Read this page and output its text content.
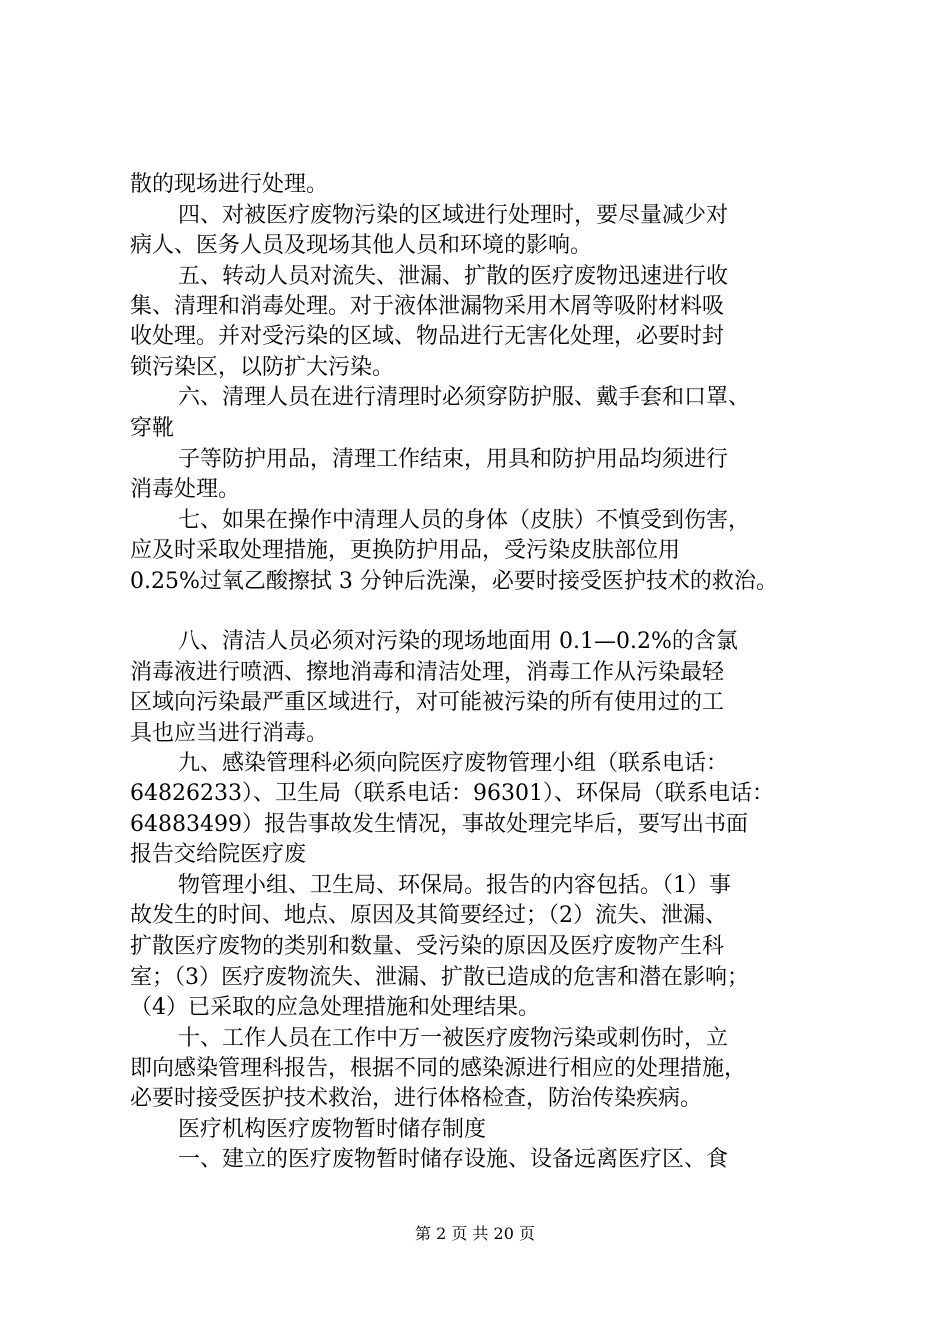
散的现场进行处理。
四、对被医疗废物污染的区域进行处理时，要尽量减少对
病人、医务人员及现场其他人员和环境的影响。
五、转动人员对流失、泄漏、扩散的医疗废物迅速进行收
集、清理和消毒处理。对于液体泄漏物采用木屑等吸附材料吸
收处理。并对受污染的区域、物品进行无害化处理，必要时封
锁污染区，以防扩大污染。
六、清理人员在进行清理时必须穿防护服、戴手套和口罩、
穿靴
子等防护用品，清理工作结束，用具和防护用品均须进行
消毒处理。
七、如果在操作中清理人员的身体（皮肤）不慎受到伤害，
应及时采取处理措施，更换防护用品，受污染皮肤部位用
0.25%过氧乙酸擦拭 3 分钟后洗澡，必要时接受医护技术的救治。
八、清洁人员必须对污染的现场地面用 0.1—0.2%的含氯
消毒液进行喷洒、擦地消毒和清洁处理，消毒工作从污染最轻
区域向污染最严重区域进行，对可能被污染的所有使用过的工
具也应当进行消毒。
九、感染管理科必须向院医疗废物管理小组（联系电话：
64826233）、卫生局（联系电话：96301）、环保局（联系电话：
64883499）报告事故发生情况，事故处理完毕后，要写出书面
报告交给院医疗废
物管理小组、卫生局、环保局。报告的内容包括。（1）事
故发生的时间、地点、原因及其简要经过；（2）流失、泄漏、
扩散医疗废物的类别和数量、受污染的原因及医疗废物产生科
室；（3）医疗废物流失、泄漏、扩散已造成的危害和潜在影响；
（4）已采取的应急处理措施和处理结果。
十、工作人员在工作中万一被医疗废物污染或刺伤时，立
即向感染管理科报告，根据不同的感染源进行相应的处理措施，
必要时接受医护技术救治，进行体格检查，防治传染疾病。
医疗机构医疗废物暂时储存制度
一、建立的医疗废物暂时储存设施、设备远离医疗区、食
第 2 页 共 20 页
